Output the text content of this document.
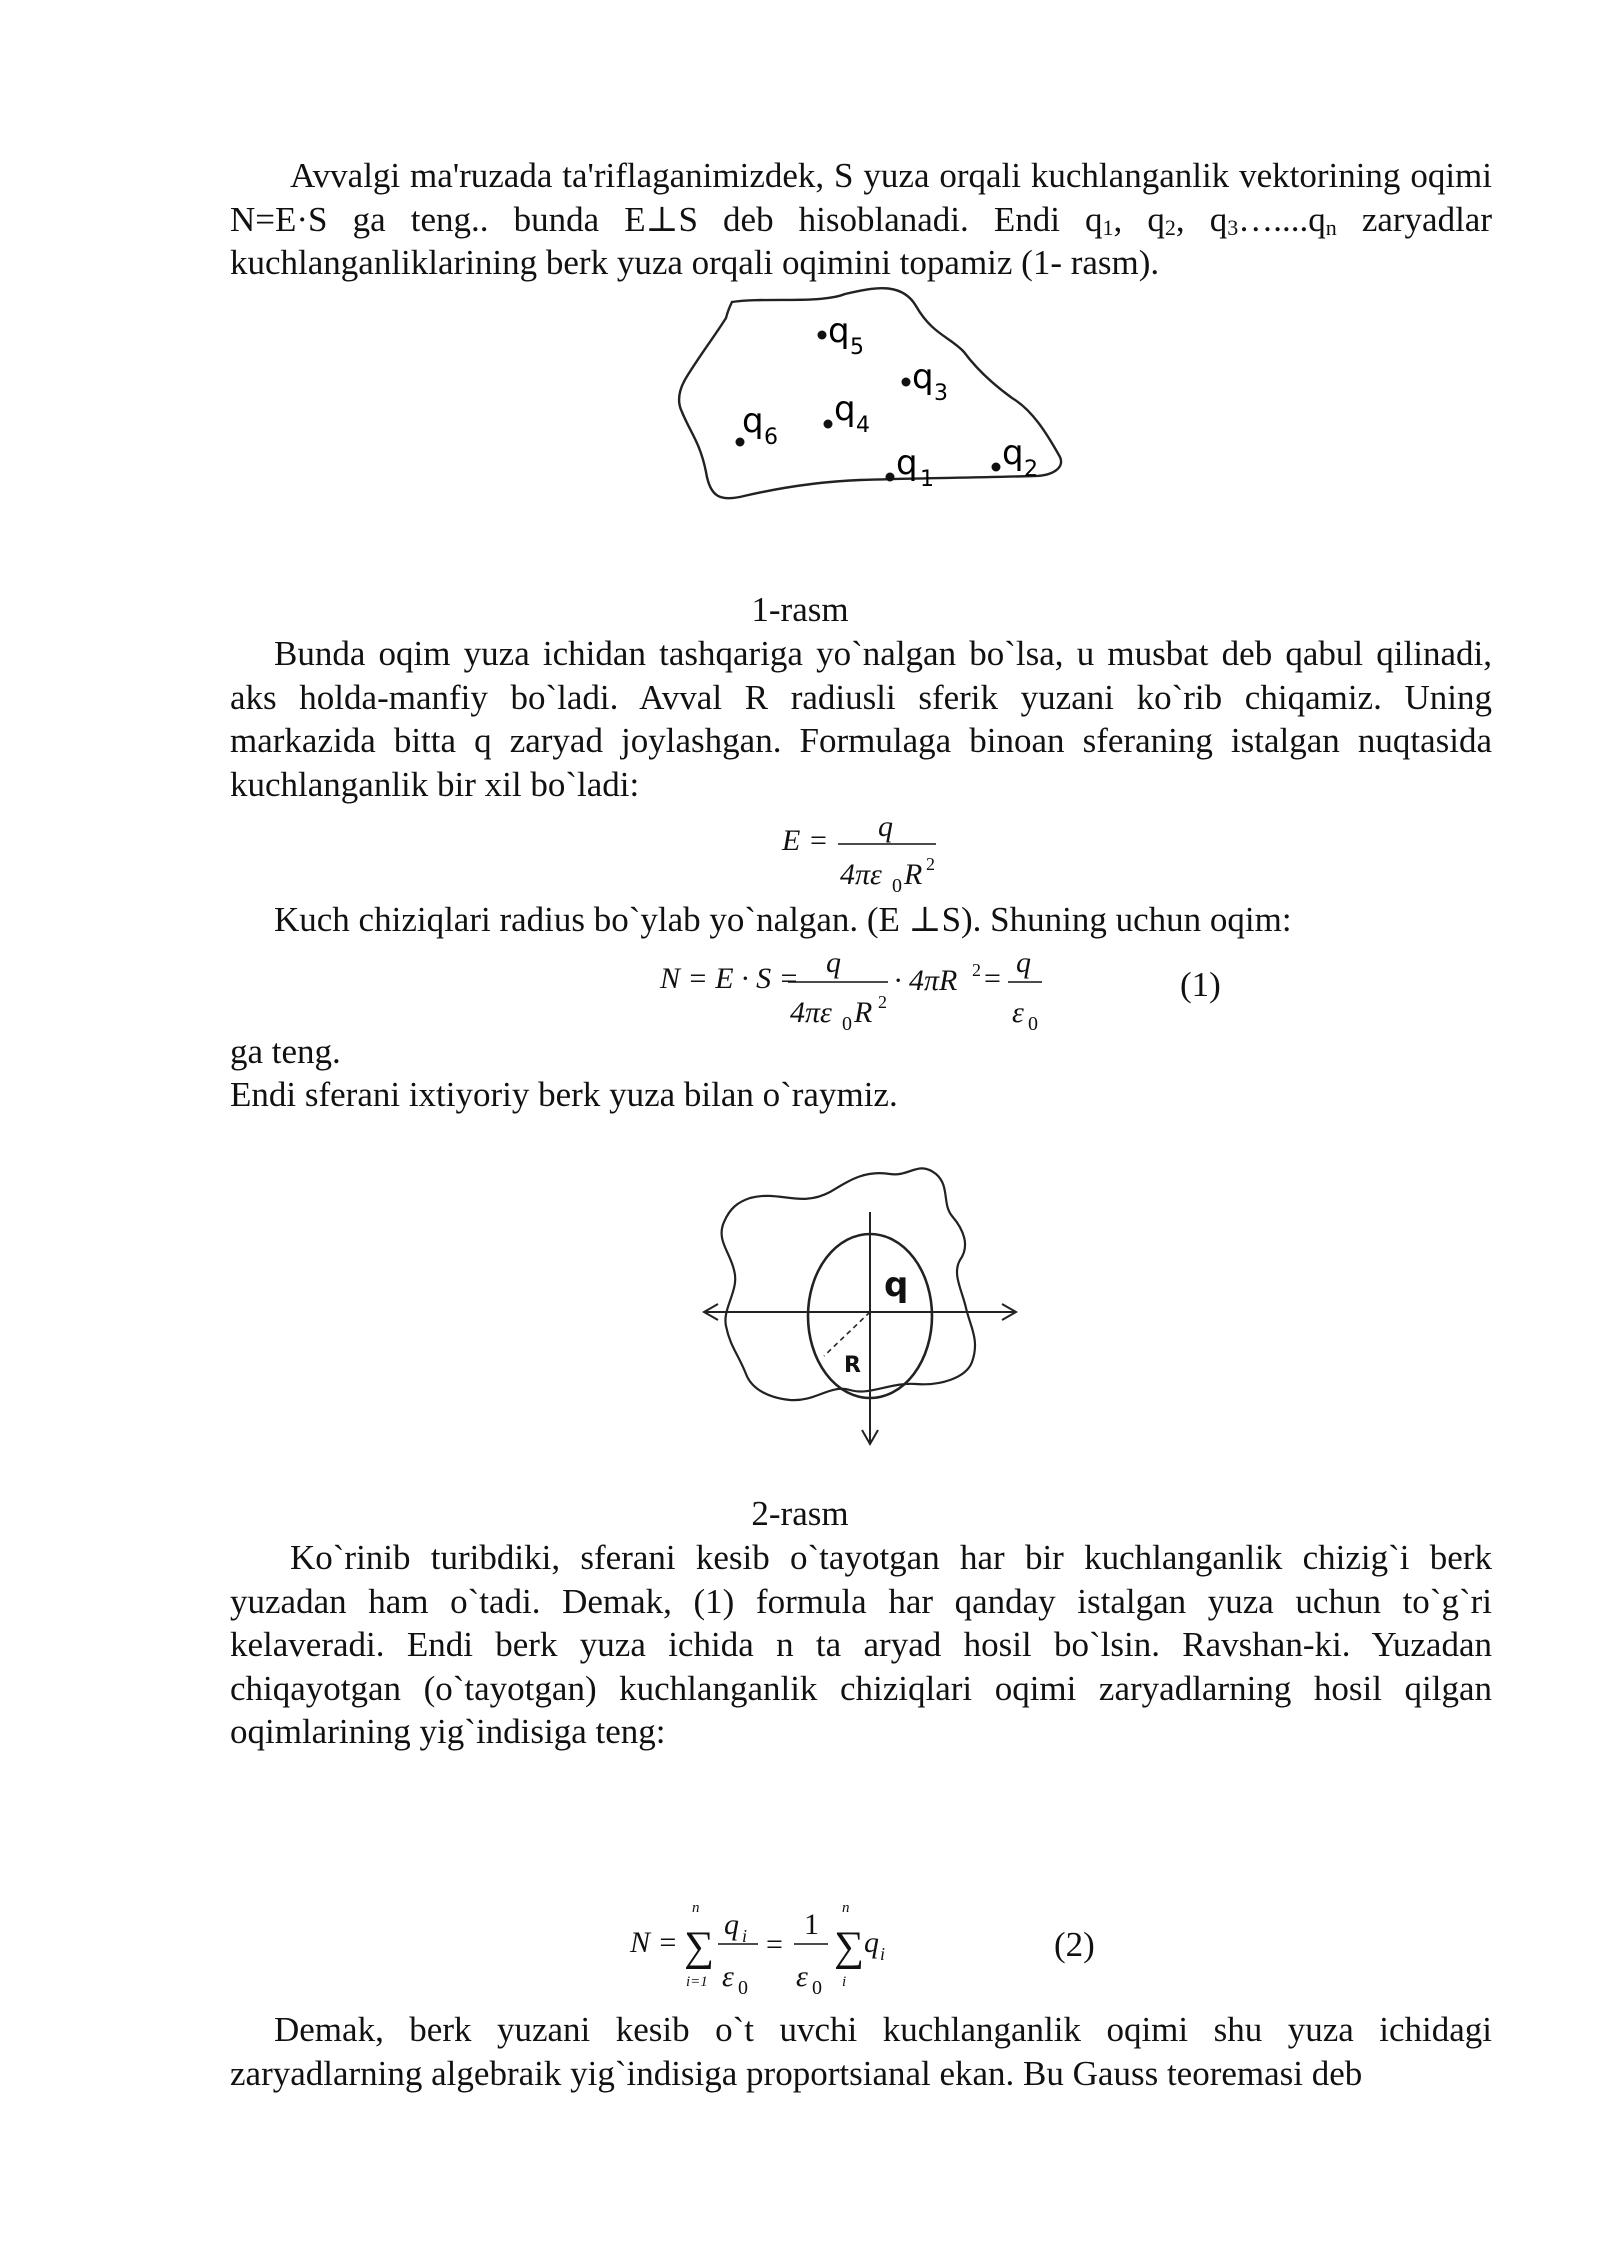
Avvalgi ma'ruzada ta'riflaganimizdek, S yuza orqali kuchlanganlik vektorining oqimi N=E·S ga teng.. bunda E⊥S deb hisoblanadi. Endi $q_1$, $q_2$, $q_3\dots....q_n$ zaryadlar kuchlanganliklarining berk yuza orqali oqimini topamiz (1- rasm).

q 5
q 3
q 6
q 4
q 1
q 2

1-rasm

Bunda oqim yuza ichidan tashqariga yo`nalgan bo`lsa, u musbat deb qabul qilinadi, aks holda-manfiy bo`ladi. Avval R radiusli sferik yuzani ko`rib chiqamiz. Uning markazida bitta q zaryad joylashgan. Formulaga binoan sferaning istalgan nuqtasida kuchlanganlik bir xil bo`ladi:

E = q
4πε 0 R 2

Kuch chiziqlari radius bo`ylab yo`nalgan. (E ⊥S). Shuning uchun oqim:

N = E · S = q
4πε 0 R 2
· 4πR 2 = q
ε 0
(1)

ga teng.

Endi sferani ixtiyoriy berk yuza bilan o`raymiz.

q
R

2-rasm

Ko`rinib turibdiki, sferani kesib o`tayotgan har bir kuchlanganlik chizig`i berk yuzadan ham o`tadi. Demak, (1) formula har qanday istalgan yuza uchun to`g`ri kelaveradi. Endi berk yuza ichida n ta aryad hosil bo`lsin. Ravshan-ki. Yuzadan chiqayotgan (o`tayotgan) kuchlanganlik chiziqlari oqimi zaryadlarning hosil qilgan oqimlarining yig`indisiga teng:

N =
n
∑
i=1
q i
ε 0
=
1
ε 0
n
∑
i
q i	(2)

Demak, berk yuzani kesib o`t uvchi kuchlanganlik oqimi shu yuza ichidagi zaryadlarning algebraik yig`indisiga proportsianal ekan. Bu Gauss teoremasi deb
